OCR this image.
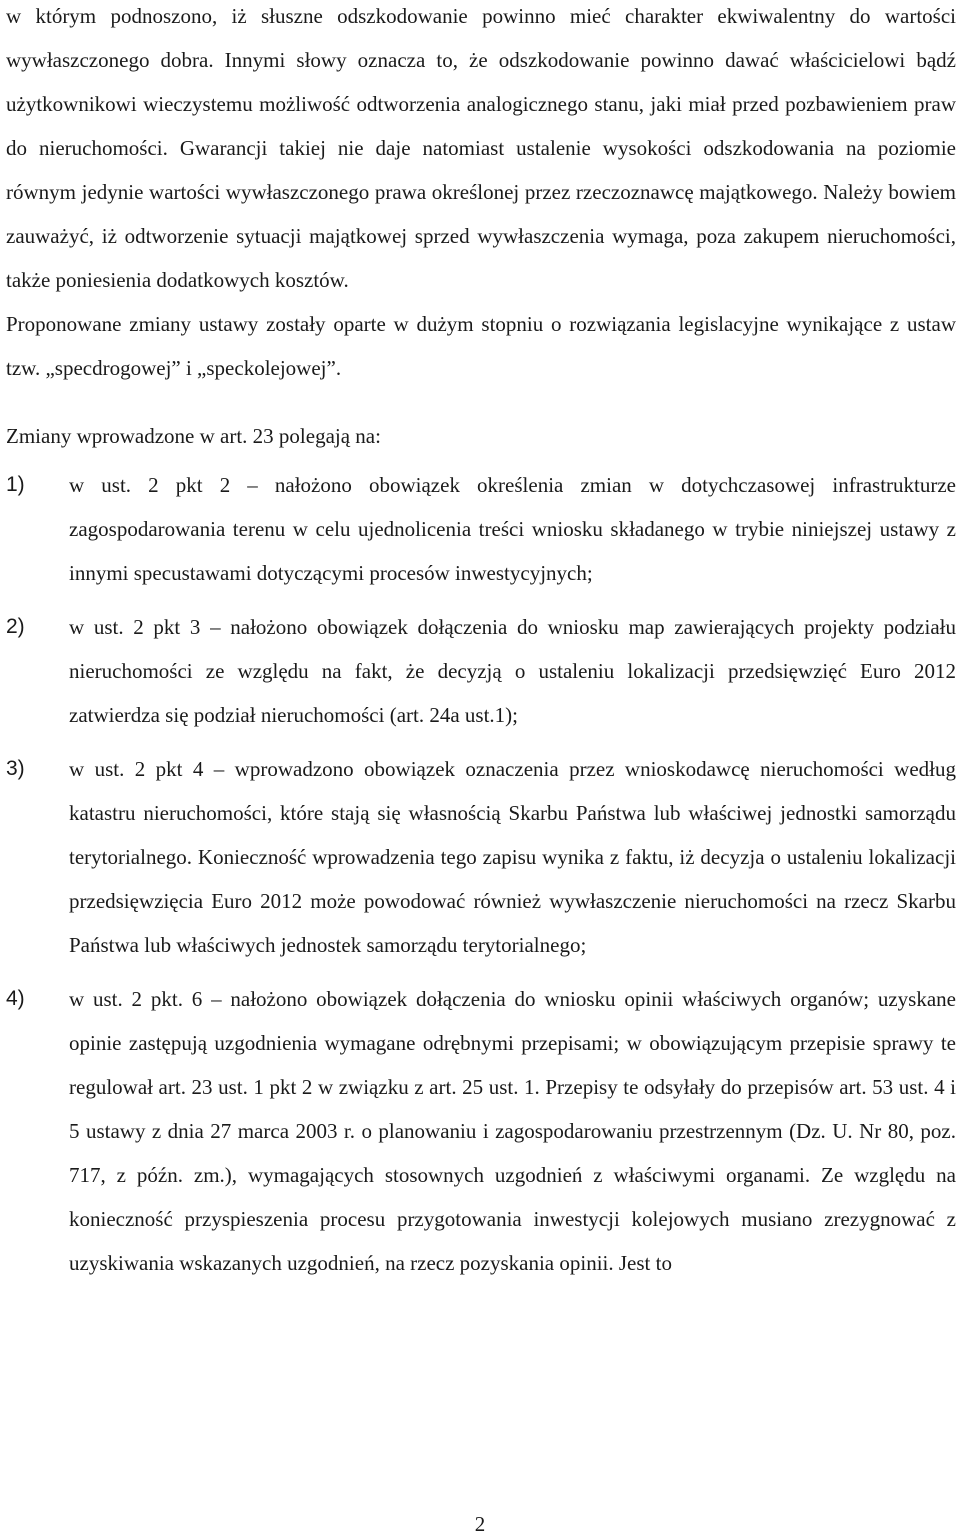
w którym podnoszono, iż słuszne odszkodowanie powinno mieć charakter ekwiwalentny do wartości wywłaszczonego dobra. Innymi słowy oznacza to, że odszkodowanie powinno dawać właścicielowi bądź użytkownikowi wieczystemu możliwość odtworzenia analogicznego stanu, jaki miał przed pozbawieniem praw do nieruchomości. Gwarancji takiej nie daje natomiast ustalenie wysokości odszkodowania na poziomie równym jedynie wartości wywłaszczonego prawa określonej przez rzeczoznawcę majątkowego. Należy bowiem zauważyć, iż odtworzenie sytuacji majątkowej sprzed wywłaszczenia wymaga, poza zakupem nieruchomości, także poniesienia dodatkowych kosztów.

Proponowane zmiany ustawy zostały oparte w dużym stopniu o rozwiązania legislacyjne wynikające z ustaw tzw. „specdrogowej” i „speckolejowej”.

Zmiany wprowadzone w art. 23 polegają na:

1) w ust. 2 pkt 2 – nałożono obowiązek określenia zmian w dotychczasowej infrastrukturze zagospodarowania terenu w celu ujednolicenia treści wniosku składanego w trybie niniejszej ustawy z innymi specustawami dotyczącymi procesów inwestycyjnych;

2) w ust. 2 pkt 3 – nałożono obowiązek dołączenia do wniosku map zawierających projekty podziału nieruchomości ze względu na fakt, że decyzją o ustaleniu lokalizacji przedsięwzięć Euro 2012 zatwierdza się podział nieruchomości (art. 24a ust.1);

3) w ust. 2 pkt 4 – wprowadzono obowiązek oznaczenia przez wnioskodawcę nieruchomości według katastru nieruchomości, które stają się własnością Skarbu Państwa lub właściwej jednostki samorządu terytorialnego. Konieczność wprowadzenia tego zapisu wynika z faktu, iż decyzja o ustaleniu lokalizacji przedsięwzięcia Euro 2012 może powodować również wywłaszczenie nieruchomości na rzecz Skarbu Państwa lub właściwych jednostek samorządu terytorialnego;

4) w ust. 2 pkt. 6 – nałożono obowiązek dołączenia do wniosku opinii właściwych organów; uzyskane opinie zastępują uzgodnienia wymagane odrębnymi przepisami; w obowiązującym przepisie sprawy te regulował art. 23 ust. 1 pkt 2 w związku z art. 25 ust. 1. Przepisy te odsyłały do przepisów art. 53 ust. 4 i 5 ustawy z dnia 27 marca 2003 r. o planowaniu i zagospodarowaniu przestrzennym (Dz. U. Nr 80, poz. 717, z późn. zm.), wymagających stosownych uzgodnień z właściwymi organami. Ze względu na konieczność przyspieszenia procesu przygotowania inwestycji kolejowych musiano zrezygnować z uzyskiwania wskazanych uzgodnień, na rzecz pozyskania opinii. Jest to

2
